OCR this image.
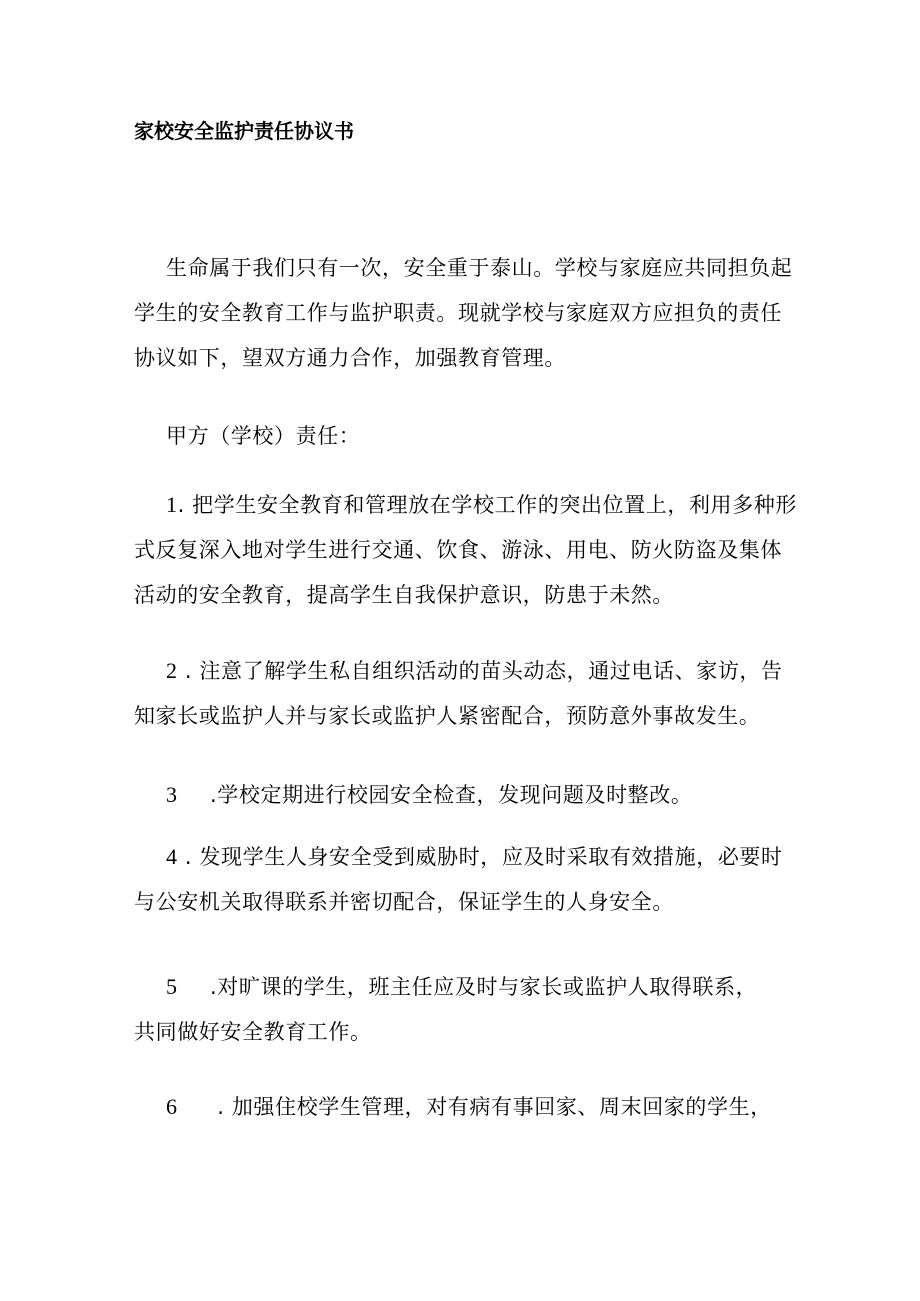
家校安全监护责任协议书
生命属于我们只有一次，安全重于泰山。学校与家庭应共同担负起
学生的安全教育工作与监护职责。现就学校与家庭双方应担负的责任
协议如下，望双方通力合作，加强教育管理。
甲方（学校）责任：
1. 把学生安全教育和管理放在学校工作的突出位置上，利用多种形
式反复深入地对学生进行交通、饮食、游泳、用电、防火防盗及集体
活动的安全教育，提高学生自我保护意识，防患于未然。
2 . 注意了解学生私自组织活动的苗头动态，通过电话、家访，告
知家长或监护人并与家长或监护人紧密配合，预防意外事故发生。
3 .学校定期进行校园安全检查，发现问题及时整改。
4 . 发现学生人身安全受到威胁时，应及时采取有效措施，必要时
与公安机关取得联系并密切配合，保证学生的人身安全。
5 .对旷课的学生，班主任应及时与家长或监护人取得联系，
共同做好安全教育工作。
6 . 加强住校学生管理，对有病有事回家、周末回家的学生，
